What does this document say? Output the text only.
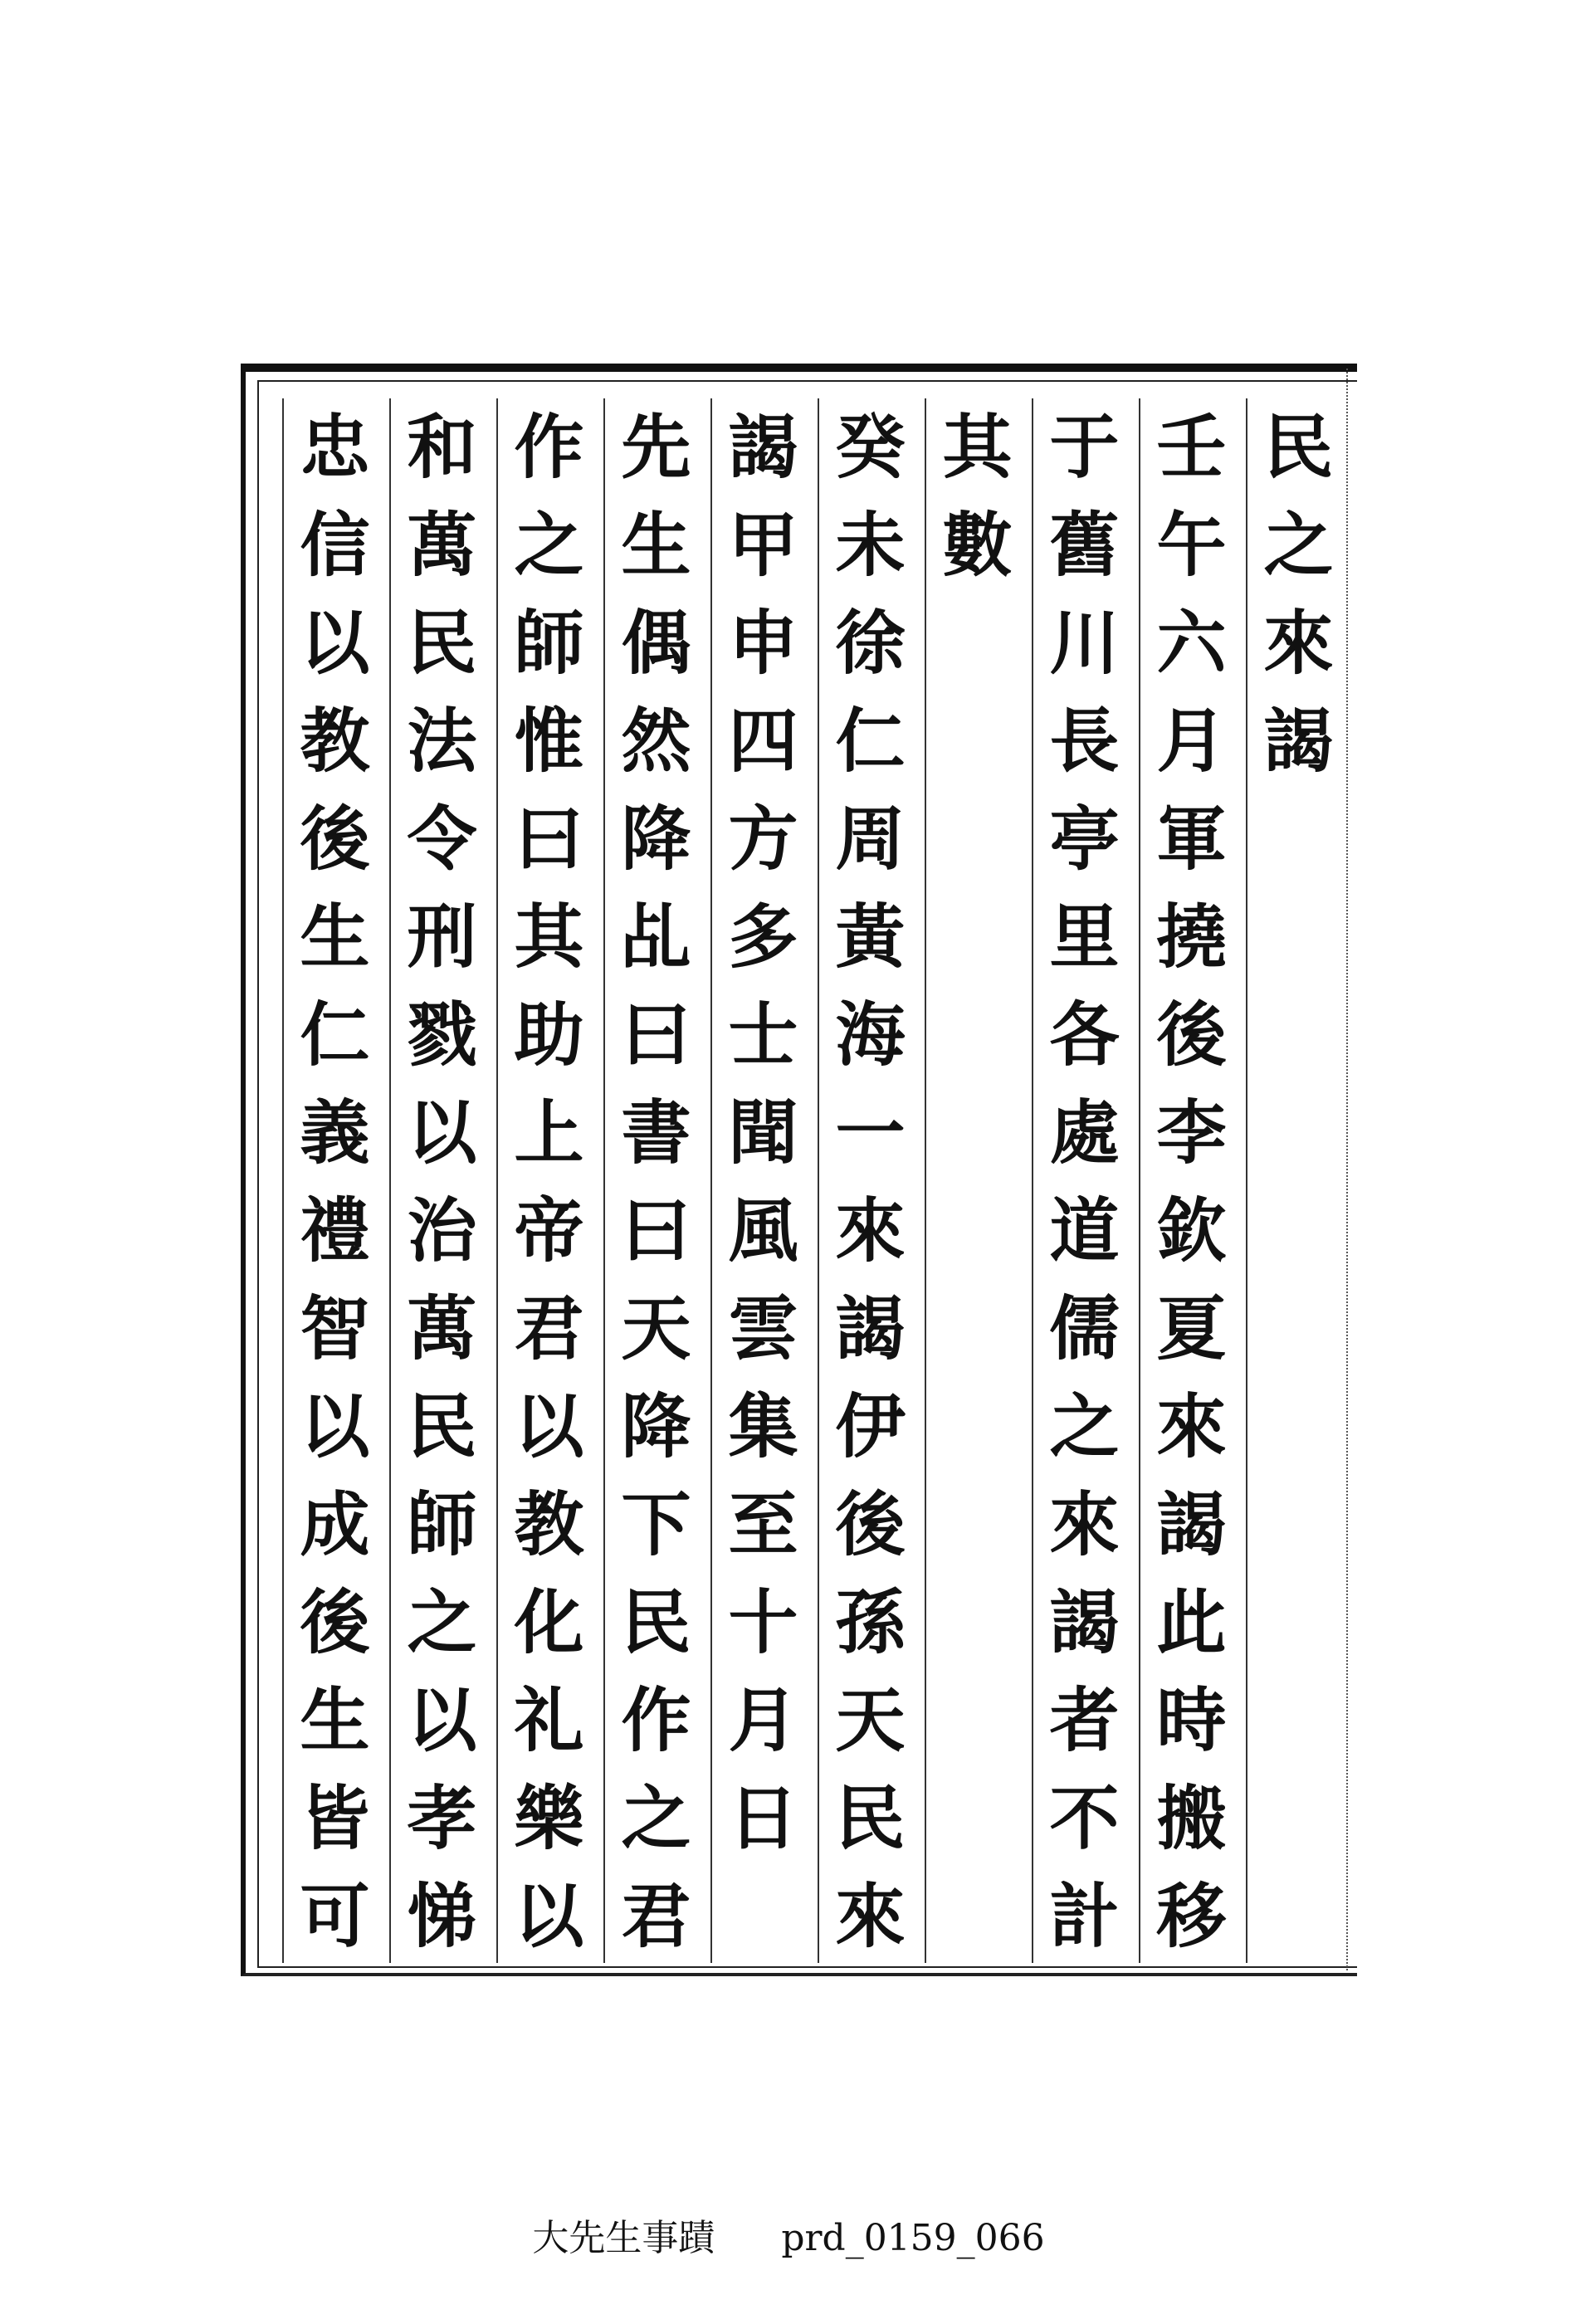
民
之
來
謁
壬
午
六
月
軍
撓
後
李
欽
夏
來
謁
此
時
搬
移
于
舊
川
長
亭
里
各
處
道
儒
之
來
謁
者
不
計
其
數
癸
未
徐
仁
周
黃
海
一
來
謁
伊
後
孫
天
民
來
謁
甲
申
四
方
多
士
聞
風
雲
集
至
十
月
日
先
生
偶
然
降
乩
曰
書
曰
天
降
下
民
作
之
君
作
之
師
惟
曰
其
助
上
帝
君
以
教
化
礼
樂
以
和
萬
民
法
令
刑
戮
以
治
萬
民
師
之
以
孝
悌
忠
信
以
教
後
生
仁
義
禮
智
以
成
後
生
皆
可
大先生事蹟 prd_0159_066
